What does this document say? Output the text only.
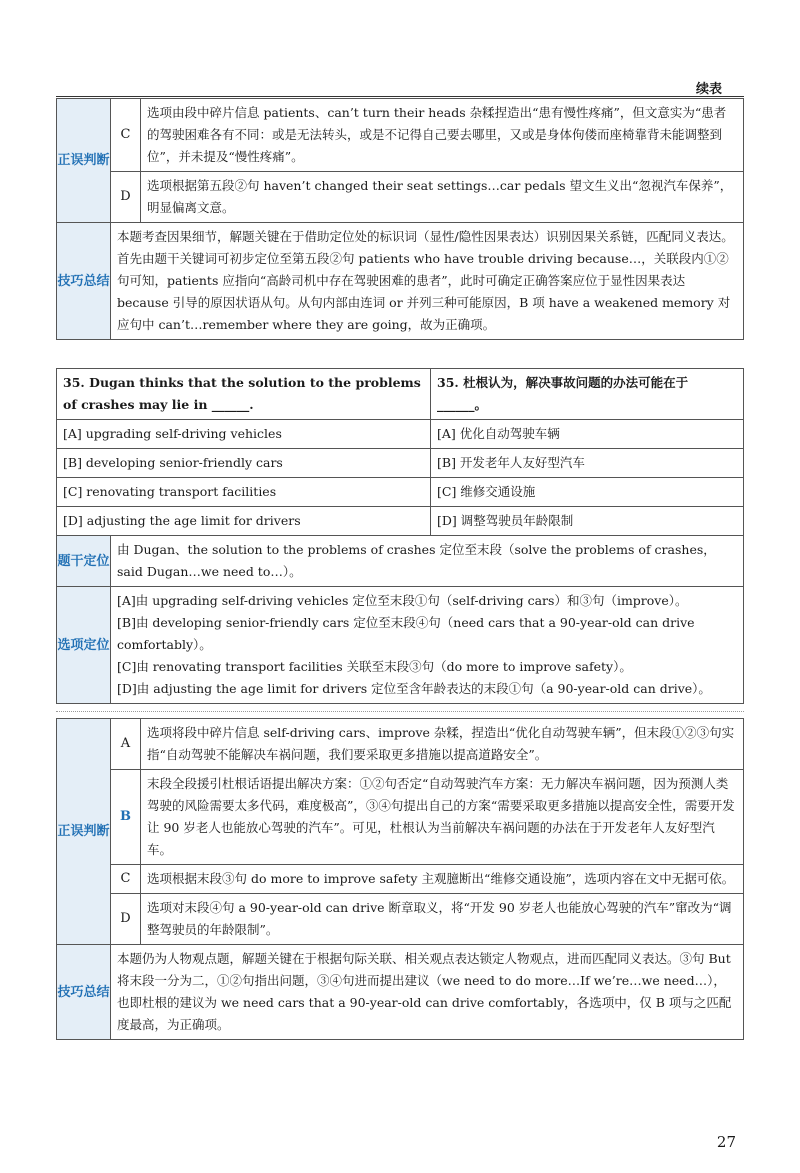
续表
正误判断	C	选项由段中碎片信息 patients、can’t turn their heads 杂糅捏造出“患有慢性疼痛”，但文意实为“患者的驾驶困难各有不同：或是无法转头，或是不记得自己要去哪里，又或是身体佝偻而座椅靠背未能调整到位”，并未提及“慢性疼痛”。
	D	选项根据第五段②句 haven’t changed their seat settings…car pedals 望文生义出“忽视汽车保养”，明显偏离文意。
技巧总结	本题考查因果细节，解题关键在于借助定位处的标识词（显性/隐性因果表达）识别因果关系链，匹配同义表达。首先由题干关键词可初步定位至第五段②句 patients who have trouble driving because…，关联段内①②句可知，patients 应指向“高龄司机中存在驾驶困难的患者”，此时可确定正确答案应位于显性因果表达 because 引导的原因状语从句。从句内部由连词 or 并列三种可能原因，B 项 have a weakened memory 对应句中 can’t…remember where they are going，故为正确项。	
35. Dugan thinks that the solution to the problems of crashes may lie in ______.		35. 杜根认为，解决事故问题的办法可能在于______。
[A] upgrading self-driving vehicles		[A] 优化自动驾驶车辆
[B] developing senior-friendly cars		[B] 开发老年人友好型汽车
[C] renovating transport facilities		[C] 维修交通设施
[D] adjusting the age limit for drivers		[D] 调整驾驶员年龄限制
题干定位	由 Dugan、the solution to the problems of crashes 定位至末段（solve the problems of crashes，said Dugan…we need to…）。	
选项定位	[A]由 upgrading self-driving vehicles 定位至末段①句（self-driving cars）和③句（improve）。
[B]由 developing senior-friendly cars 定位至末段④句（need cars that a 90-year-old can drive comfortably）。
[C]由 renovating transport facilities 关联至末段③句（do more to improve safety）。
[D]由 adjusting the age limit for drivers 定位至含年龄表达的末段①句（a 90-year-old can drive）。	
正误判断	A	选项将段中碎片信息 self-driving cars、improve 杂糅，捏造出“优化自动驾驶车辆”，但末段①②③句实指“自动驾驶不能解决车祸问题，我们要采取更多措施以提高道路安全”。
	B	末段全段援引杜根话语提出解决方案：①②句否定“自动驾驶汽车方案：无力解决车祸问题，因为预测人类驾驶的风险需要太多代码，难度极高”，③④句提出自己的方案“需要采取更多措施以提高安全性，需要开发让 90 岁老人也能放心驾驶的汽车”。可见，杜根认为当前解决车祸问题的办法在于开发老年人友好型汽车。
	C	选项根据末段③句 do more to improve safety 主观臆断出“维修交通设施”，选项内容在文中无据可依。
	D	选项对末段④句 a 90-year-old can drive 断章取义，将“开发 90 岁老人也能放心驾驶的汽车”窜改为“调整驾驶员的年龄限制”。
技巧总结	本题仍为人物观点题，解题关键在于根据句际关联、相关观点表达锁定人物观点，进而匹配同义表达。③句 But 将末段一分为二，①②句指出问题，③④句进而提出建议（we need to do more…If we’re…we need…），也即杜根的建议为 we need cars that a 90-year-old can drive comfortably，各选项中，仅 B 项与之匹配度最高，为正确项。	
27
